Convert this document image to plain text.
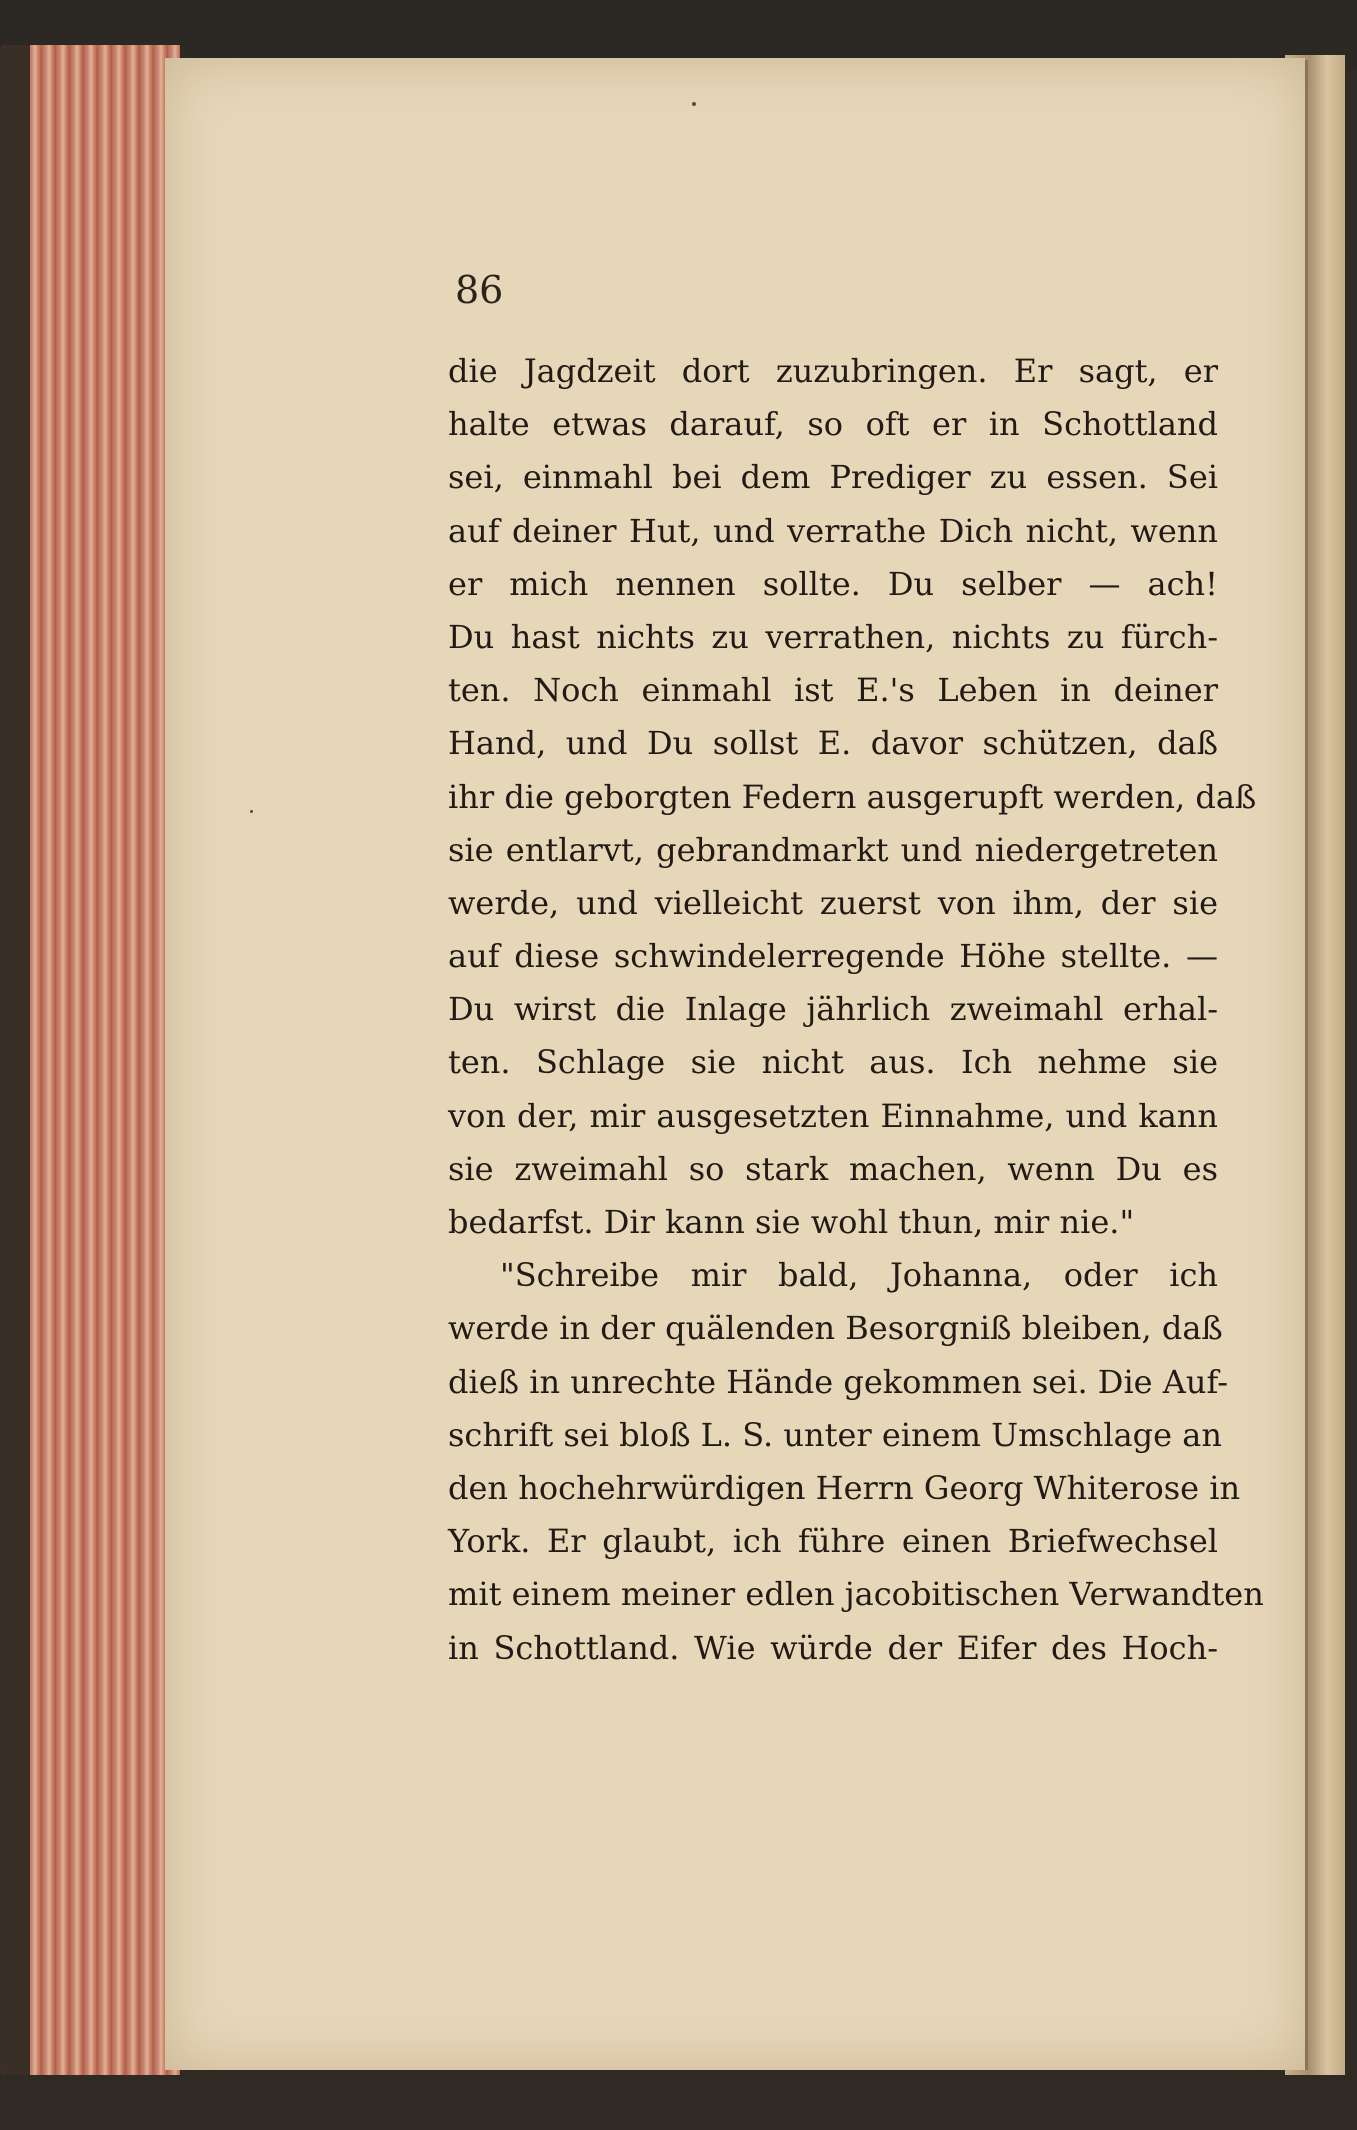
86
die Jagdzeit dort zuzubringen. Er sagt, er
halte etwas darauf, so oft er in Schottland
sei, einmahl bei dem Prediger zu essen. Sei
auf deiner Hut, und verrathe Dich nicht, wenn
er mich nennen sollte. Du selber — ach!
Du hast nichts zu verrathen, nichts zu fürch-
ten. Noch einmahl ist E.'s Leben in deiner
Hand, und Du sollst E. davor schützen, daß
ihr die geborgten Federn ausgerupft werden, daß
sie entlarvt, gebrandmarkt und niedergetreten
werde, und vielleicht zuerst von ihm, der sie
auf diese schwindelerregende Höhe stellte. —
Du wirst die Inlage jährlich zweimahl erhal-
ten. Schlage sie nicht aus. Ich nehme sie
von der, mir ausgesetzten Einnahme, und kann
sie zweimahl so stark machen, wenn Du es
bedarfst. Dir kann sie wohl thun, mir nie."
"Schreibe mir bald, Johanna, oder ich
werde in der quälenden Besorgniß bleiben, daß
dieß in unrechte Hände gekommen sei. Die Auf-
schrift sei bloß L. S. unter einem Umschlage an
den hochehrwürdigen Herrn Georg Whiterose in
York. Er glaubt, ich führe einen Briefwechsel
mit einem meiner edlen jacobitischen Verwandten
in Schottland. Wie würde der Eifer des Hoch-
